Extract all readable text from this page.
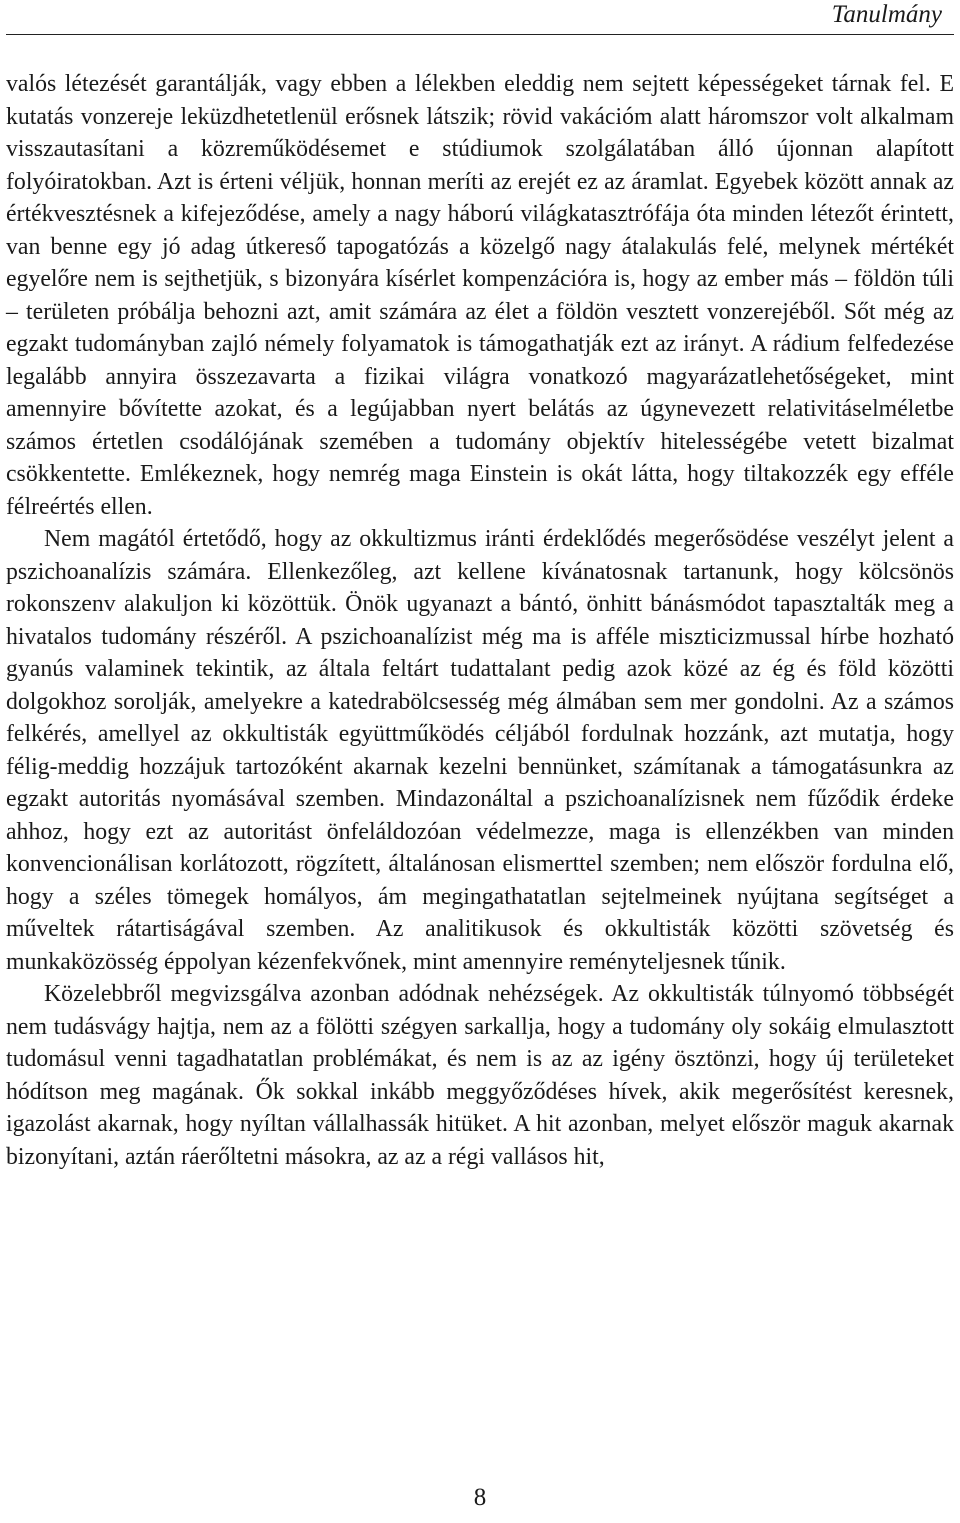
Tanulmány

valós létezését garantálják, vagy ebben a lélekben eleddig nem sejtett képességeket tárnak fel. E kutatás vonzereje leküzdhetetlenül erősnek látszik; rövid vakációm alatt háromszor volt alkalmam visszautasítani a közreműködésemet e stúdiumok szolgálatában álló újonnan alapított folyóiratokban. Azt is érteni véljük, honnan meríti az erejét ez az áramlat. Egyebek között annak az értékvesztésnek a kifejeződése, amely a nagy háború világkatasztrófája óta minden létezőt érintett, van benne egy jó adag útkereső tapogatózás a közelgő nagy átalakulás felé, melynek mértékét egyelőre nem is sejthetjük, s bizonyára kísérlet kompenzációra is, hogy az ember más – földön túli – területen próbálja behozni azt, amit számára az élet a földön vesztett vonzerejéből. Sőt még az egzakt tudományban zajló némely folyamatok is támogathatják ezt az irányt. A rádium felfedezése legalább annyira összezavarta a fizikai világra vonatkozó magyarázatlehetőségeket, mint amennyire bővítette azokat, és a legújabban nyert belátás az úgynevezett relativitáselméletbe számos értetlen csodálójának szemében a tudomány objektív hitelességébe vetett bizalmat csökkentette. Emlékeznek, hogy nemrég maga Einstein is okát látta, hogy tiltakozzék egy efféle félreértés ellen.

Nem magától értetődő, hogy az okkultizmus iránti érdeklődés megerősödése veszélyt jelent a pszichoanalízis számára. Ellenkezőleg, azt kellene kívánatosnak tartanunk, hogy kölcsönös rokonszenv alakuljon ki közöttük. Önök ugyanazt a bántó, önhitt bánásmódot tapasztalták meg a hivatalos tudomány részéről. A pszichoanalízist még ma is afféle miszticizmussal hírbe hozható gyanús valaminek tekintik, az általa feltárt tudattalant pedig azok közé az ég és föld közötti dolgokhoz sorolják, amelyekre a katedrabölcsesség még álmában sem mer gondolni. Az a számos felkérés, amellyel az okkultisták együttműködés céljából fordulnak hozzánk, azt mutatja, hogy félig-meddig hozzájuk tartozóként akarnak kezelni bennünket, számítanak a támogatásunkra az egzakt autoritás nyomásával szemben. Mindazonáltal a pszichoanalízisnek nem fűződik érdeke ahhoz, hogy ezt az autoritást önfeláldozóan védelmezze, maga is ellenzékben van minden konvencionálisan korlátozott, rögzített, általánosan elismerttel szemben; nem először fordulna elő, hogy a széles tömegek homályos, ám megingathatatlan sejtelmeinek nyújtana segítséget a műveltek rátartiságával szemben. Az analitikusok és okkultisták közötti szövetség és munkaközösség éppolyan kézenfekvőnek, mint amennyire reményteljesnek tűnik.

Közelebbről megvizsgálva azonban adódnak nehézségek. Az okkultisták túlnyomó többségét nem tudásvágy hajtja, nem az a fölötti szégyen sarkallja, hogy a tudomány oly sokáig elmulasztott tudomásul venni tagadhatatlan problémákat, és nem is az az igény ösztönzi, hogy új területeket hódítson meg magának. Ők sokkal inkább meggyőződéses hívek, akik megerősítést keresnek, igazolást akarnak, hogy nyíltan vállalhassák hitüket. A hit azonban, melyet először maguk akarnak bizonyítani, aztán ráerőltetni másokra, az az a régi vallásos hit,

8
